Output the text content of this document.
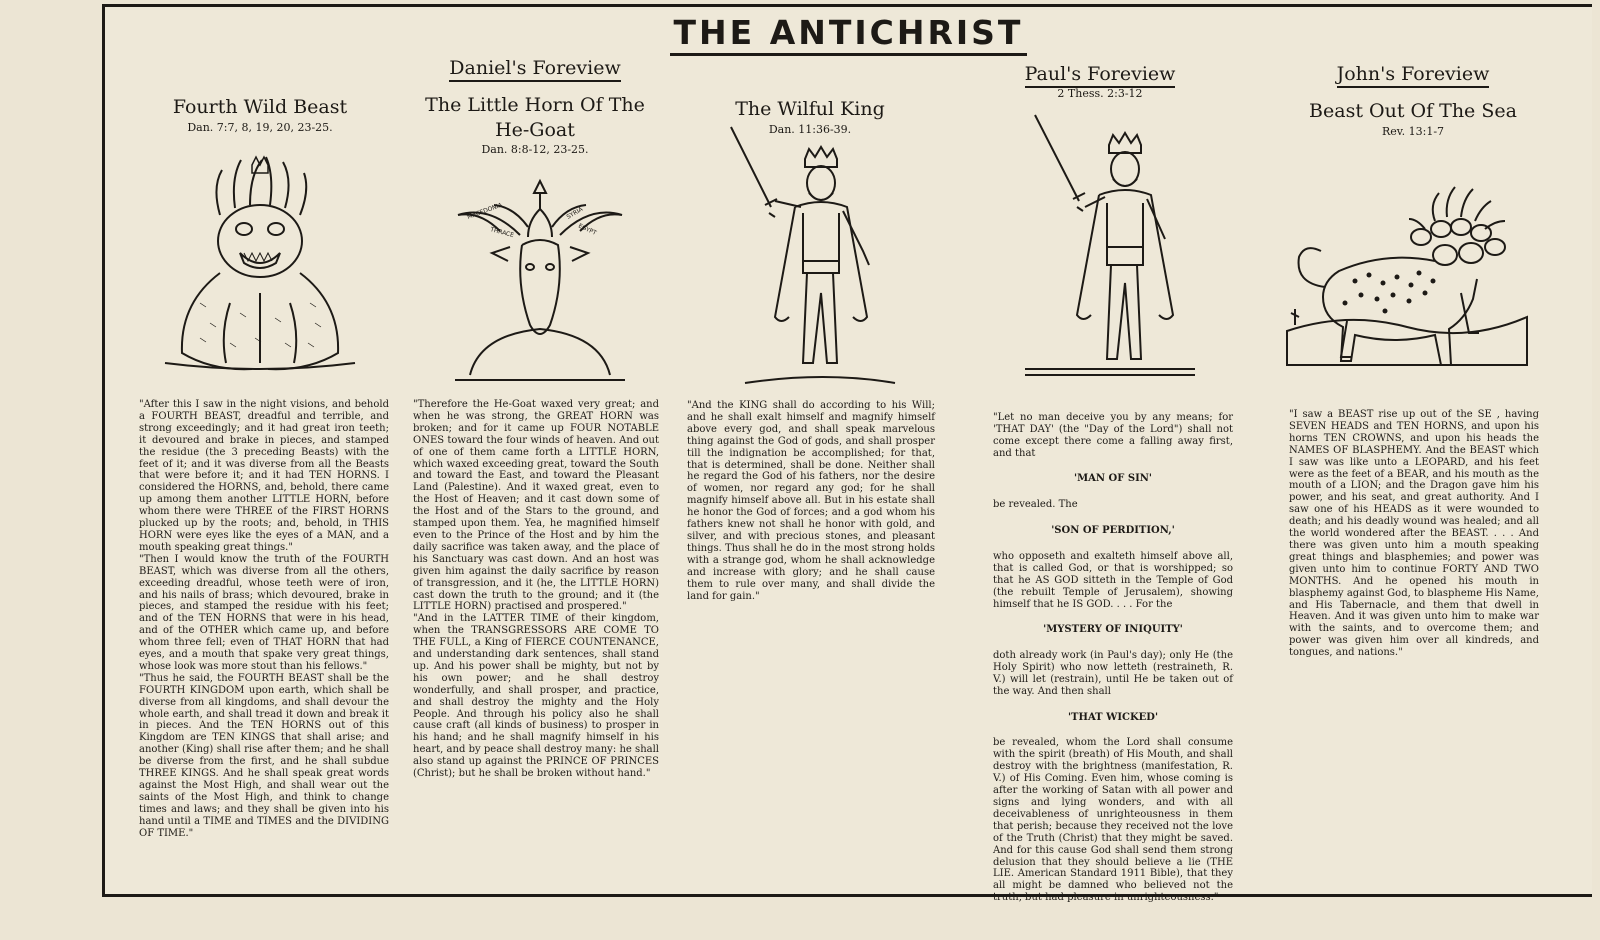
THE ANTICHRIST
Fourth Wild Beast
Dan. 7:7, 8, 19, 20, 23-25.

"After this I saw in the night visions, and behold a FOURTH BEAST, dreadful and terrible, and strong exceedingly; and it had great iron teeth; it devoured and brake in pieces, and stamped the residue (the 3 preceding Beasts) with the feet of it; and it was diverse from all the Beasts that were before it; and it had TEN HORNS. I considered the HORNS, and, behold, there came up among them another LITTLE HORN, before whom there were THREE of the FIRST HORNS plucked up by the roots; and, behold, in THIS HORN were eyes like the eyes of a MAN, and a mouth speaking great things."
"Then I would know the truth of the FOURTH BEAST, which was diverse from all the others, exceeding dreadful, whose teeth were of iron, and his nails of brass; which devoured, brake in pieces, and stamped the residue with his feet; and of the TEN HORNS that were in his head, and of the OTHER which came up, and before whom three fell; even of THAT HORN that had eyes, and a mouth that spake very great things, whose look was more stout than his fellows."
"Thus he said, the FOURTH BEAST shall be the FOURTH KINGDOM upon earth, which shall be diverse from all kingdoms, and shall devour the whole earth, and shall tread it down and break it in pieces. And the TEN HORNS out of this Kingdom are TEN KINGS that shall arise; and another (King) shall rise after them; and he shall be diverse from the first, and he shall subdue THREE KINGS. And he shall speak great words against the Most High, and shall wear out the saints of the Most High, and think to change times and laws; and they shall be given into his hand until a TIME and TIMES and the DIVIDING OF TIME."

Daniel's Foreview
The Little Horn Of The He-Goat
Dan. 8:8-12, 23-25.
MACEDONIA
THRACE
SYRIA
EGYPT

"Therefore the He-Goat waxed very great; and when he was strong, the GREAT HORN was broken; and for it came up FOUR NOTABLE ONES toward the four winds of heaven. And out of one of them came forth a LITTLE HORN, which waxed exceeding great, toward the South and toward the East, and toward the Pleasant Land (Palestine). And it waxed great, even to the Host of Heaven; and it cast down some of the Host and of the Stars to the ground, and stamped upon them. Yea, he magnified himself even to the Prince of the Host and by him the daily sacrifice was taken away, and the place of his Sanctuary was cast down. And an host was given him against the daily sacrifice by reason of transgression, and it (he, the LITTLE HORN) cast down the truth to the ground; and it (the LITTLE HORN) practised and prospered."
"And in the LATTER TIME of their kingdom, when the TRANSGRESSORS ARE COME TO THE FULL, a King of FIERCE COUNTENANCE, and understanding dark sentences, shall stand up. And his power shall be mighty, but not by his own power; and he shall destroy wonderfully, and shall prosper, and practice, and shall destroy the mighty and the Holy People. And through his policy also he shall cause craft (all kinds of business) to prosper in his hand; and he shall magnify himself in his heart, and by peace shall destroy many: he shall also stand up against the PRINCE OF PRINCES (Christ); but he shall be broken without hand."

The Wilful King
Dan. 11:36-39.

"And the KING shall do according to his Will; and he shall exalt himself and magnify himself above every god, and shall speak marvelous thing against the God of gods, and shall prosper till the indignation be accomplished; for that, that is determined, shall be done. Neither shall he regard the God of his fathers, nor the desire of women, nor regard any god; for he shall magnify himself above all. But in his estate shall he honor the God of forces; and a god whom his fathers knew not shall he honor with gold, and silver, and with precious stones, and pleasant things. Thus shall he do in the most strong holds with a strange god, whom he shall acknowledge and increase with glory; and he shall cause them to rule over many, and shall divide the land for gain."

Paul's Foreview
2 Thess. 2:3-12

"Let no man deceive you by any means; for 'THAT DAY' (the "Day of the Lord") shall not come except there come a falling away first, and that

'MAN OF SIN'

be revealed. The

'SON OF PERDITION,'

who opposeth and exalteth himself above all, that is called God, or that is worshipped; so that he AS GOD sitteth in the Temple of God (the rebuilt Temple of Jerusalem), showing himself that he IS GOD. . . . For the

'MYSTERY OF INIQUITY'

doth already work (in Paul's day); only He (the Holy Spirit) who now letteth (restraineth, R. V.) will let (restrain), until He be taken out of the way. And then shall

'THAT WICKED'

be revealed, whom the Lord shall consume with the spirit (breath) of His Mouth, and shall destroy with the brightness (manifestation, R. V.) of His Coming. Even him, whose coming is after the working of Satan with all power and signs and lying wonders, and with all deceivableness of unrighteousness in them that perish; because they received not the love of the Truth (Christ) that they might be saved. And for this cause God shall send them strong delusion that they should believe a lie (THE LIE. American Standard 1911 Bible), that they all might be damned who believed not the truth, but had pleasure in unrighteousness."

John's Foreview
Beast Out Of The Sea
Rev. 13:1-7

"I saw a BEAST rise up out of the SE , having SEVEN HEADS and TEN HORNS, and upon his horns TEN CROWNS, and upon his heads the NAMES OF BLASPHEMY. And the BEAST which I saw was like unto a LEOPARD, and his feet were as the feet of a BEAR, and his mouth as the mouth of a LION; and the Dragon gave him his power, and his seat, and great authority. And I saw one of his HEADS as it were wounded to death; and his deadly wound was healed; and all the world wondered after the BEAST. . . . And there was given unto him a mouth speaking great things and blasphemies; and power was given unto him to continue FORTY AND TWO MONTHS. And he opened his mouth in blasphemy against God, to blaspheme His Name, and His Tabernacle, and them that dwell in Heaven. And it was given unto him to make war with the saints, and to overcome them; and power was given him over all kindreds, and tongues, and nations."
